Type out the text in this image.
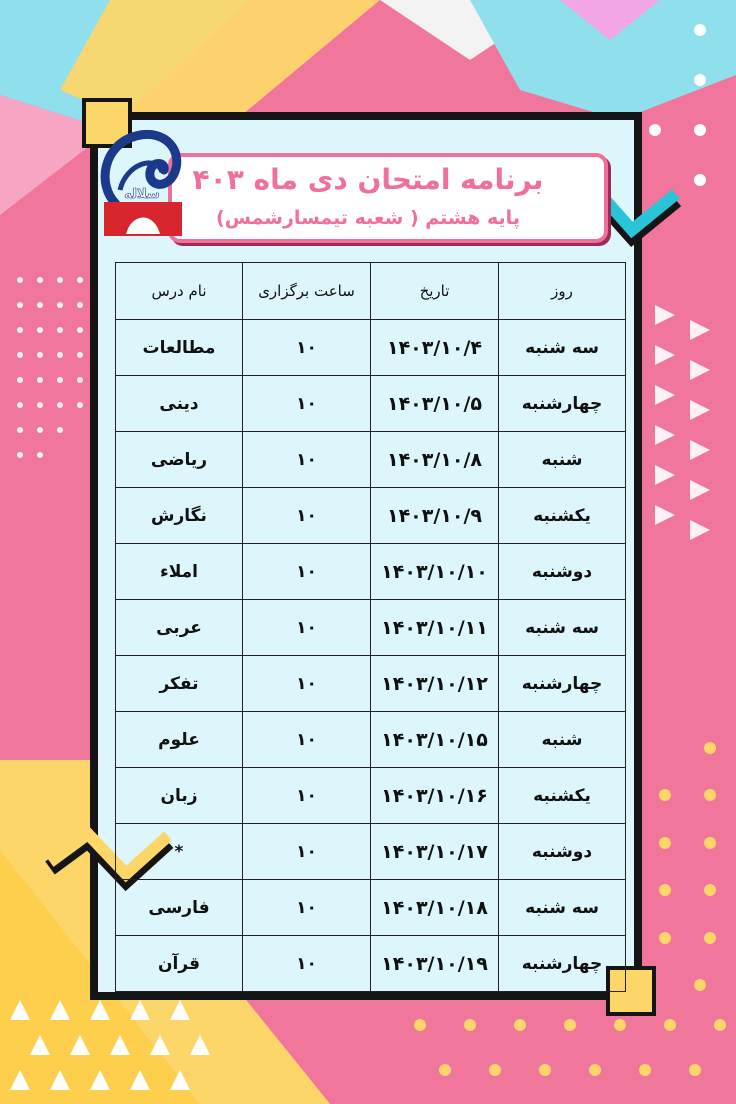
برنامه امتحان دی ماه ۴۰۳
پایه هشتم ( شعبه تیمسارشمس)
سلاله
روز	تاریخ	ساعت برگزاری	نام درس
سه شنبه	۱۴۰۳/۱۰/۴	۱۰	مطالعات
چهارشنبه	۱۴۰۳/۱۰/۵	۱۰	دینی
شنبه	۱۴۰۳/۱۰/۸	۱۰	ریاضی
یکشنبه	۱۴۰۳/۱۰/۹	۱۰	نگارش
دوشنبه	۱۴۰۳/۱۰/۱۰	۱۰	املاء
سه شنبه	۱۴۰۳/۱۰/۱۱	۱۰	عربی
چهارشنبه	۱۴۰۳/۱۰/۱۲	۱۰	تفکر
شنبه	۱۴۰۳/۱۰/۱۵	۱۰	علوم
یکشنبه	۱۴۰۳/۱۰/۱۶	۱۰	زبان
دوشنبه	۱۴۰۳/۱۰/۱۷	۱۰	*
سه شنبه	۱۴۰۳/۱۰/۱۸	۱۰	فارسی
چهارشنبه	۱۴۰۳/۱۰/۱۹	۱۰	قرآن
